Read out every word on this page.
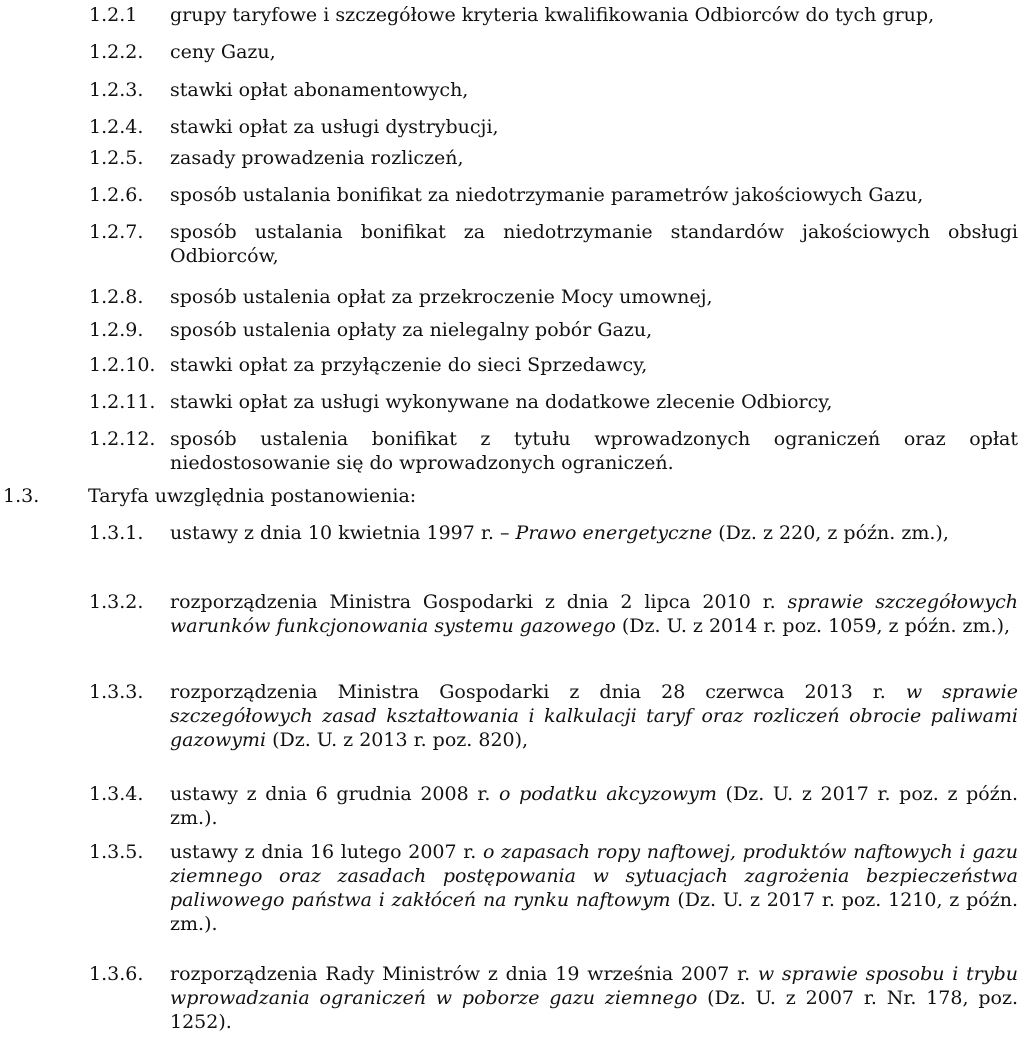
1.2.1 grupy taryfowe i szczegółowe kryteria kwalifikowania Odbiorców do tych grup,
1.2.2. ceny Gazu,
1.2.3. stawki opłat abonamentowych,
1.2.4. stawki opłat za usługi dystrybucji,
1.2.5. zasady prowadzenia rozliczeń,
1.2.6. sposób ustalania bonifikat za niedotrzymanie parametrów jakościowych Gazu,
1.2.7. sposób ustalania bonifikat za niedotrzymanie standardów jakościowych obsługi Odbiorców,
1.2.8. sposób ustalenia opłat za przekroczenie Mocy umownej,
1.2.9. sposób ustalenia opłaty za nielegalny pobór Gazu,
1.2.10. stawki opłat za przyłączenie do sieci Sprzedawcy,
1.2.11. stawki opłat za usługi wykonywane na dodatkowe zlecenie Odbiorcy,
1.2.12. sposób ustalenia bonifikat z tytułu wprowadzonych ograniczeń oraz opłat niedostosowanie się do wprowadzonych ograniczeń.
1.3.	Taryfa uwzględnia postanowienia:
1.3.1. ustawy z dnia 10 kwietnia 1997 r. – Prawo energetyczne (Dz. z 220, z późn. zm.),
1.3.2. rozporządzenia Ministra Gospodarki z dnia 2 lipca 2010 r. sprawie szczegółowych warunków funkcjonowania systemu gazowego (Dz. U. z 2014 r. poz. 1059, z późn. zm.),
1.3.3. rozporządzenia Ministra Gospodarki z dnia 28 czerwca 2013 r. w sprawie szczegółowych zasad kształtowania i kalkulacji taryf oraz rozliczeń obrocie paliwami gazowymi (Dz. U. z 2013 r. poz. 820),
1.3.4. ustawy z dnia 6 grudnia 2008 r. o podatku akcyzowym (Dz. U. z 2017 r. poz. z późn. zm.).
1.3.5. ustawy z dnia 16 lutego 2007 r. o zapasach ropy naftowej, produktów naftowych i gazu ziemnego oraz zasadach postępowania w sytuacjach zagrożenia bezpieczeństwa paliwowego państwa i zakłóceń na rynku naftowym (Dz. U. z 2017 r. poz. 1210, z późn. zm.).
1.3.6. rozporządzenia Rady Ministrów z dnia 19 września 2007 r. w sprawie sposobu i trybu wprowadzania ograniczeń w poborze gazu ziemnego (Dz. U. z 2007 r. Nr. 178, poz. 1252).
